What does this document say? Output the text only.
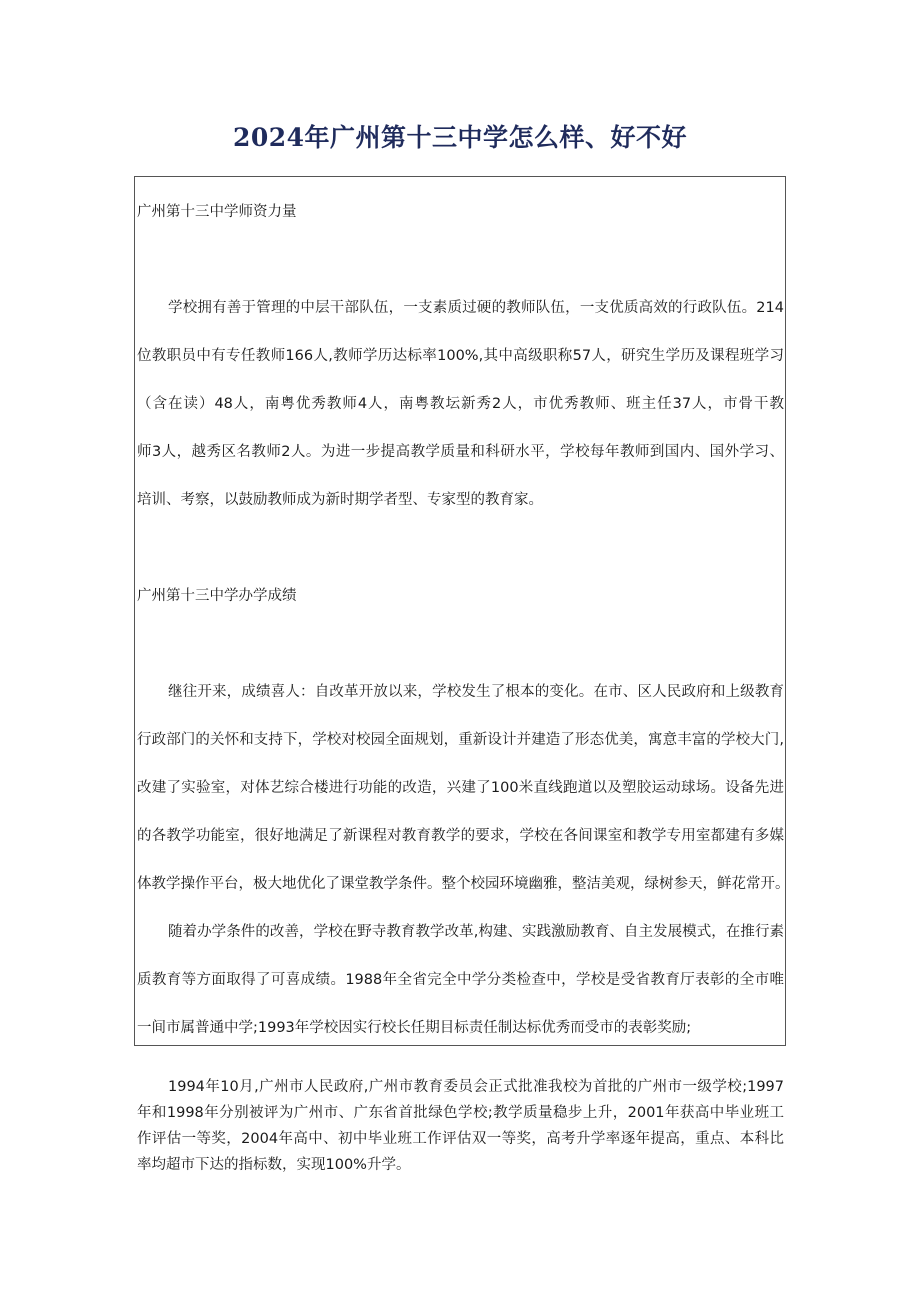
2024年广州第十三中学怎么样、好不好
广州第十三中学师资力量
学校拥有善于管理的中层干部队伍，一支素质过硬的教师队伍，一支优质高效的行政队伍。214
位教职员中有专任教师166人,教师学历达标率100%,其中高级职称57人，研究生学历及课程班学习
（含在读）48人，南粤优秀教师4人，南粤教坛新秀2人，市优秀教师、班主任37人，市骨干教
师3人，越秀区名教师2人。为进一步提高教学质量和科研水平，学校每年教师到国内、国外学习、
培训、考察，以鼓励教师成为新时期学者型、专家型的教育家。
广州第十三中学办学成绩
继往开来，成绩喜人：自改革开放以来，学校发生了根本的变化。在市、区人民政府和上级教育
行政部门的关怀和支持下，学校对校园全面规划，重新设计并建造了形态优美，寓意丰富的学校大门,
改建了实验室，对体艺综合楼进行功能的改造，兴建了100米直线跑道以及塑胶运动球场。设备先进
的各教学功能室，很好地满足了新课程对教育教学的要求，学校在各间课室和教学专用室都建有多媒
体教学操作平台，极大地优化了课堂教学条件。整个校园环境幽雅，整洁美观，绿树参天，鲜花常开。
随着办学条件的改善，学校在野寺教育教学改革,构建、实践激励教育、自主发展模式，在推行素
质教育等方面取得了可喜成绩。1988年全省完全中学分类检查中，学校是受省教育厅表彰的全市唯
一间市属普通中学;1993年学校因实行校长任期目标责任制达标优秀而受市的表彰奖励;
1994年10月,广州市人民政府,广州市教育委员会正式批准我校为首批的广州市一级学校;1997
年和1998年分别被评为广州市、广东省首批绿色学校;教学质量稳步上升，2001年获高中毕业班工
作评估一等奖，2004年高中、初中毕业班工作评估双一等奖，高考升学率逐年提高，重点、本科比
率均超市下达的指标数，实现100%升学。
